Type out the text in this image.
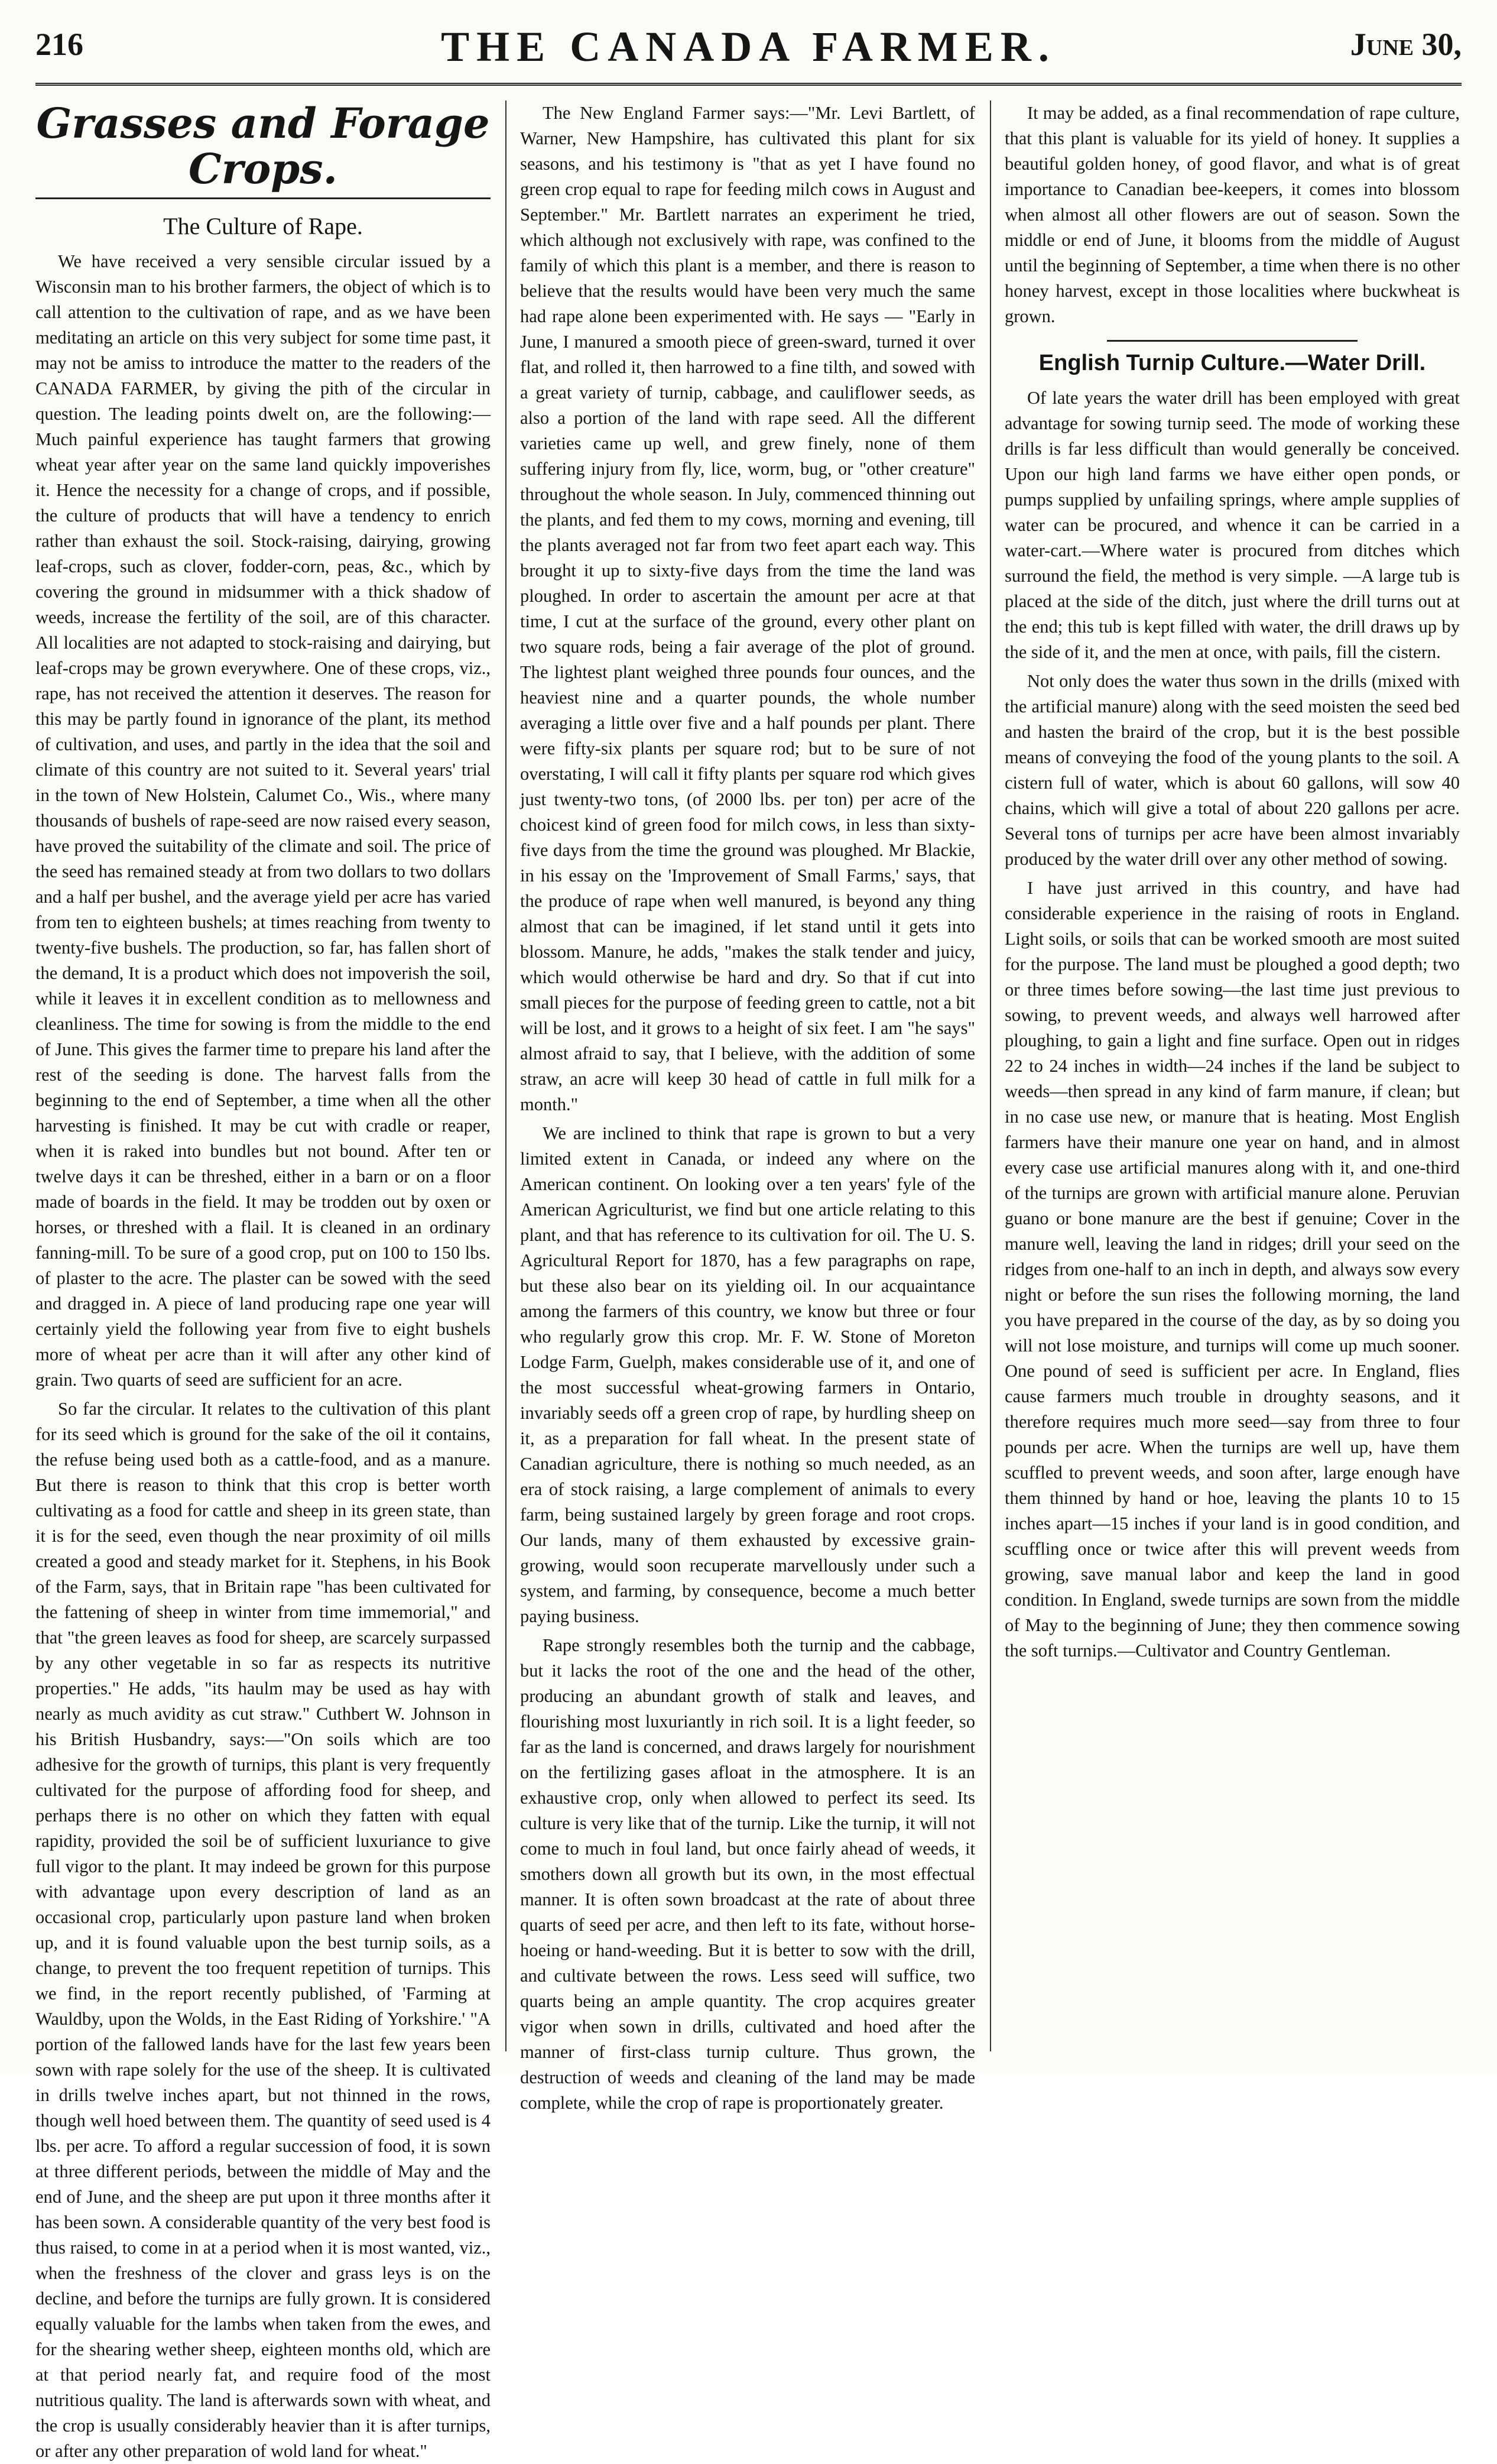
216	THE CANADA FARMER.	June 30,
Grasses and Forage Crops.
The Culture of Rape.

We have received a very sensible circular issued by a Wisconsin man to his brother farmers, the object of which is to call attention to the cultivation of rape, and as we have been meditating an article on this very subject for some time past, it may not be amiss to introduce the matter to the readers of the CANADA FARMER, by giving the pith of the circular in question. The leading points dwelt on, are the following:—Much painful experience has taught farmers that growing wheat year after year on the same land quickly impoverishes it. Hence the necessity for a change of crops, and if possible, the culture of products that will have a tendency to enrich rather than exhaust the soil. Stock-raising, dairying, growing leaf-crops, such as clover, fodder-corn, peas, &c., which by covering the ground in midsummer with a thick shadow of weeds, increase the fertility of the soil, are of this character. All localities are not adapted to stock-raising and dairying, but leaf-crops may be grown everywhere. One of these crops, viz., rape, has not received the attention it deserves. The reason for this may be partly found in ignorance of the plant, its method of cultivation, and uses, and partly in the idea that the soil and climate of this country are not suited to it. Several years' trial in the town of New Holstein, Calumet Co., Wis., where many thousands of bushels of rape-seed are now raised every season, have proved the suitability of the climate and soil. The price of the seed has remained steady at from two dollars to two dollars and a half per bushel, and the average yield per acre has varied from ten to eighteen bushels; at times reaching from twenty to twenty-five bushels. The production, so far, has fallen short of the demand, It is a product which does not impoverish the soil, while it leaves it in excellent condition as to mellowness and cleanliness. The time for sowing is from the middle to the end of June. This gives the farmer time to prepare his land after the rest of the seeding is done. The harvest falls from the beginning to the end of September, a time when all the other harvesting is finished. It may be cut with cradle or reaper, when it is raked into bundles but not bound. After ten or twelve days it can be threshed, either in a barn or on a floor made of boards in the field. It may be trodden out by oxen or horses, or threshed with a flail. It is cleaned in an ordinary fanning-mill. To be sure of a good crop, put on 100 to 150 lbs. of plaster to the acre. The plaster can be sowed with the seed and dragged in. A piece of land producing rape one year will certainly yield the following year from five to eight bushels more of wheat per acre than it will after any other kind of grain. Two quarts of seed are sufficient for an acre.

So far the circular. It relates to the cultivation of this plant for its seed which is ground for the sake of the oil it contains, the refuse being used both as a cattle-food, and as a manure. But there is reason to think that this crop is better worth cultivating as a food for cattle and sheep in its green state, than it is for the seed, even though the near proximity of oil mills created a good and steady market for it. Stephens, in his Book of the Farm, says, that in Britain rape "has been cultivated for the fattening of sheep in winter from time immemorial," and that "the green leaves as food for sheep, are scarcely surpassed by any other vegetable in so far as respects its nutritive properties." He adds, "its haulm may be used as hay with nearly as much avidity as cut straw." Cuthbert W. Johnson in his British Husbandry, says:—"On soils which are too adhesive for the growth of turnips, this plant is very frequently cultivated for the purpose of affording food for sheep, and perhaps there is no other on which they fatten with equal rapidity, provided the soil be of sufficient luxuriance to give full vigor to the plant. It may indeed be grown for this purpose with advantage upon every description of land as an occasional crop, particularly upon pasture land when broken up, and it is found valuable upon the best turnip soils, as a change, to prevent the too frequent repetition of turnips. This we find, in the report recently published, of 'Farming at Wauldby, upon the Wolds, in the East Riding of Yorkshire.' "A portion of the fallowed lands have for the last few years been sown with rape solely for the use of the sheep. It is cultivated in drills twelve inches apart, but not thinned in the rows, though well hoed between them. The quantity of seed used is 4 lbs. per acre. To afford a regular succession of food, it is sown at three different periods, between the middle of May and the end of June, and the sheep are put upon it three months after it has been sown. A considerable quantity of the very best food is thus raised, to come in at a period when it is most wanted, viz., when the freshness of the clover and grass leys is on the decline, and before the turnips are fully grown. It is considered equally valuable for the lambs when taken from the ewes, and for the shearing wether sheep, eighteen months old, which are at that period nearly fat, and require food of the most nutritious quality. The land is afterwards sown with wheat, and the crop is usually considerably heavier than it is after turnips, or after any other preparation of wold land for wheat."

The New England Farmer says:—"Mr. Levi Bartlett, of Warner, New Hampshire, has cultivated this plant for six seasons, and his testimony is "that as yet I have found no green crop equal to rape for feeding milch cows in August and September." Mr. Bartlett narrates an experiment he tried, which although not exclusively with rape, was confined to the family of which this plant is a member, and there is reason to believe that the results would have been very much the same had rape alone been experimented with. He says — "Early in June, I manured a smooth piece of green-sward, turned it over flat, and rolled it, then harrowed to a fine tilth, and sowed with a great variety of turnip, cabbage, and cauliflower seeds, as also a portion of the land with rape seed. All the different varieties came up well, and grew finely, none of them suffering injury from fly, lice, worm, bug, or "other creature" throughout the whole season. In July, commenced thinning out the plants, and fed them to my cows, morning and evening, till the plants averaged not far from two feet apart each way. This brought it up to sixty-five days from the time the land was ploughed. In order to ascertain the amount per acre at that time, I cut at the surface of the ground, every other plant on two square rods, being a fair average of the plot of ground. The lightest plant weighed three pounds four ounces, and the heaviest nine and a quarter pounds, the whole number averaging a little over five and a half pounds per plant. There were fifty-six plants per square rod; but to be sure of not overstating, I will call it fifty plants per square rod which gives just twenty-two tons, (of 2000 lbs. per ton) per acre of the choicest kind of green food for milch cows, in less than sixty-five days from the time the ground was ploughed. Mr Blackie, in his essay on the 'Improvement of Small Farms,' says, that the produce of rape when well manured, is beyond any thing almost that can be imagined, if let stand until it gets into blossom. Manure, he adds, "makes the stalk tender and juicy, which would otherwise be hard and dry. So that if cut into small pieces for the purpose of feeding green to cattle, not a bit will be lost, and it grows to a height of six feet. I am "he says" almost afraid to say, that I believe, with the addition of some straw, an acre will keep 30 head of cattle in full milk for a month."

We are inclined to think that rape is grown to but a very limited extent in Canada, or indeed any where on the American continent. On looking over a ten years' fyle of the American Agriculturist, we find but one article relating to this plant, and that has reference to its cultivation for oil. The U. S. Agricultural Report for 1870, has a few paragraphs on rape, but these also bear on its yielding oil. In our acquaintance among the farmers of this country, we know but three or four who regularly grow this crop. Mr. F. W. Stone of Moreton Lodge Farm, Guelph, makes considerable use of it, and one of the most successful wheat-growing farmers in Ontario, invariably seeds off a green crop of rape, by hurdling sheep on it, as a preparation for fall wheat. In the present state of Canadian agriculture, there is nothing so much needed, as an era of stock raising, a large complement of animals to every farm, being sustained largely by green forage and root crops. Our lands, many of them exhausted by excessive grain-growing, would soon recuperate marvellously under such a system, and farming, by consequence, become a much better paying business.

Rape strongly resembles both the turnip and the cabbage, but it lacks the root of the one and the head of the other, producing an abundant growth of stalk and leaves, and flourishing most luxuriantly in rich soil. It is a light feeder, so far as the land is concerned, and draws largely for nourishment on the fertilizing gases afloat in the atmosphere. It is an exhaustive crop, only when allowed to perfect its seed. Its culture is very like that of the turnip. Like the turnip, it will not come to much in foul land, but once fairly ahead of weeds, it smothers down all growth but its own, in the most effectual manner. It is often sown broadcast at the rate of about three quarts of seed per acre, and then left to its fate, without horse-hoeing or hand-weeding. But it is better to sow with the drill, and cultivate between the rows. Less seed will suffice, two quarts being an ample quantity. The crop acquires greater vigor when sown in drills, cultivated and hoed after the manner of first-class turnip culture. Thus grown, the destruction of weeds and cleaning of the land may be made complete, while the crop of rape is proportionately greater.

It may be added, as a final recommendation of rape culture, that this plant is valuable for its yield of honey. It supplies a beautiful golden honey, of good flavor, and what is of great importance to Canadian bee-keepers, it comes into blossom when almost all other flowers are out of season. Sown the middle or end of June, it blooms from the middle of August until the beginning of September, a time when there is no other honey harvest, except in those localities where buckwheat is grown.

English Turnip Culture.—Water Drill.

Of late years the water drill has been employed with great advantage for sowing turnip seed. The mode of working these drills is far less difficult than would generally be conceived. Upon our high land farms we have either open ponds, or pumps supplied by unfailing springs, where ample supplies of water can be procured, and whence it can be carried in a water-cart.—Where water is procured from ditches which surround the field, the method is very simple. —A large tub is placed at the side of the ditch, just where the drill turns out at the end; this tub is kept filled with water, the drill draws up by the side of it, and the men at once, with pails, fill the cistern.

Not only does the water thus sown in the drills (mixed with the artificial manure) along with the seed moisten the seed bed and hasten the braird of the crop, but it is the best possible means of conveying the food of the young plants to the soil. A cistern full of water, which is about 60 gallons, will sow 40 chains, which will give a total of about 220 gallons per acre. Several tons of turnips per acre have been almost invariably produced by the water drill over any other method of sowing.

I have just arrived in this country, and have had considerable experience in the raising of roots in England. Light soils, or soils that can be worked smooth are most suited for the purpose. The land must be ploughed a good depth; two or three times before sowing—the last time just previous to sowing, to prevent weeds, and always well harrowed after ploughing, to gain a light and fine surface. Open out in ridges 22 to 24 inches in width—24 inches if the land be subject to weeds—then spread in any kind of farm manure, if clean; but in no case use new, or manure that is heating. Most English farmers have their manure one year on hand, and in almost every case use artificial manures along with it, and one-third of the turnips are grown with artificial manure alone. Peruvian guano or bone manure are the best if genuine; Cover in the manure well, leaving the land in ridges; drill your seed on the ridges from one-half to an inch in depth, and always sow every night or before the sun rises the following morning, the land you have prepared in the course of the day, as by so doing you will not lose moisture, and turnips will come up much sooner. One pound of seed is sufficient per acre. In England, flies cause farmers much trouble in droughty seasons, and it therefore requires much more seed—say from three to four pounds per acre. When the turnips are well up, have them scuffled to prevent weeds, and soon after, large enough have them thinned by hand or hoe, leaving the plants 10 to 15 inches apart—15 inches if your land is in good condition, and scuffling once or twice after this will prevent weeds from growing, save manual labor and keep the land in good condition. In England, swede turnips are sown from the middle of May to the beginning of June; they then commence sowing the soft turnips.—Cultivator and Country Gentleman.
